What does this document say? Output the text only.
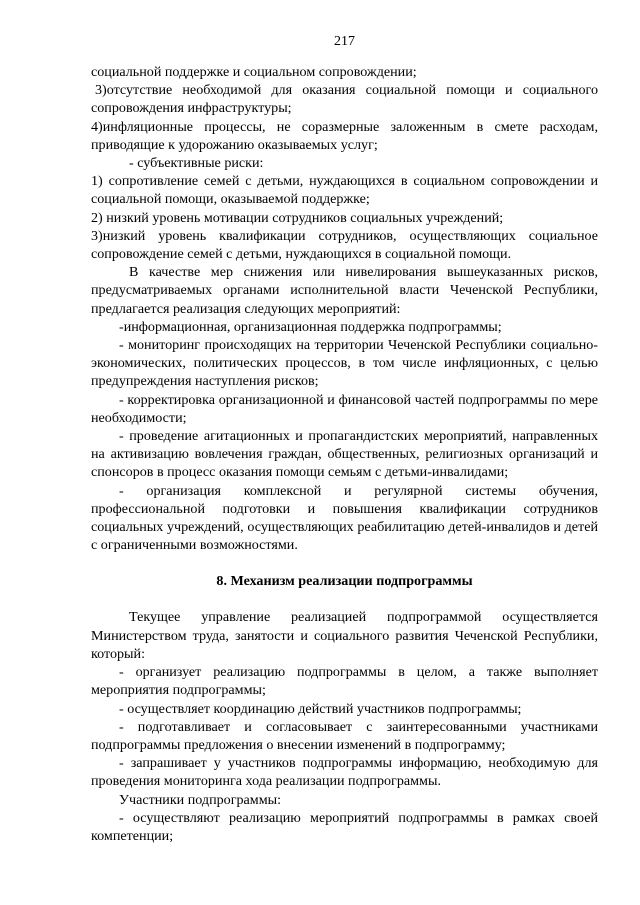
217

социальной поддержке и социальном сопровождении;

3)отсутствие необходимой для оказания социальной помощи и социального сопровождения инфраструктуры;

4)инфляционные процессы, не соразмерные заложенным в смете расходам, приводящие к удорожанию оказываемых услуг;

- субъективные риски:

1) сопротивление семей с детьми, нуждающихся в социальном сопровождении и социальной помощи, оказываемой поддержке;

2) низкий уровень мотивации сотрудников социальных учреждений;

3)низкий уровень квалификации сотрудников, осуществляющих социальное сопровождение семей с детьми, нуждающихся в социальной помощи.

В качестве мер снижения или нивелирования вышеуказанных рисков, предусматриваемых органами исполнительной власти Чеченской Республики, предлагается реализация следующих мероприятий:

-информационная, организационная поддержка подпрограммы;

- мониторинг происходящих на территории Чеченской Республики социально-экономических, политических процессов, в том числе инфляционных, с целью предупреждения наступления рисков;

- корректировка организационной и финансовой частей подпрограммы по мере необходимости;

- проведение агитационных и пропагандистских мероприятий, направленных на активизацию вовлечения граждан, общественных, религиозных организаций и спонсоров в процесс оказания помощи семьям с детьми-инвалидами;

- организация комплексной и регулярной системы обучения, профессиональной подготовки и повышения квалификации сотрудников социальных учреждений, осуществляющих реабилитацию детей-инвалидов и детей с ограниченными возможностями.

8. Механизм реализации подпрограммы

Текущее управление реализацией подпрограммой осуществляется Министерством труда, занятости и социального развития Чеченской Республики, который:

- организует реализацию подпрограммы в целом, а также выполняет мероприятия подпрограммы;

- осуществляет координацию действий участников подпрограммы;

- подготавливает и согласовывает с заинтересованными участниками подпрограммы предложения о внесении изменений в подпрограмму;

- запрашивает у участников подпрограммы информацию, необходимую для проведения мониторинга хода реализации подпрограммы.

Участники подпрограммы:

- осуществляют реализацию мероприятий подпрограммы в рамках своей компетенции;
